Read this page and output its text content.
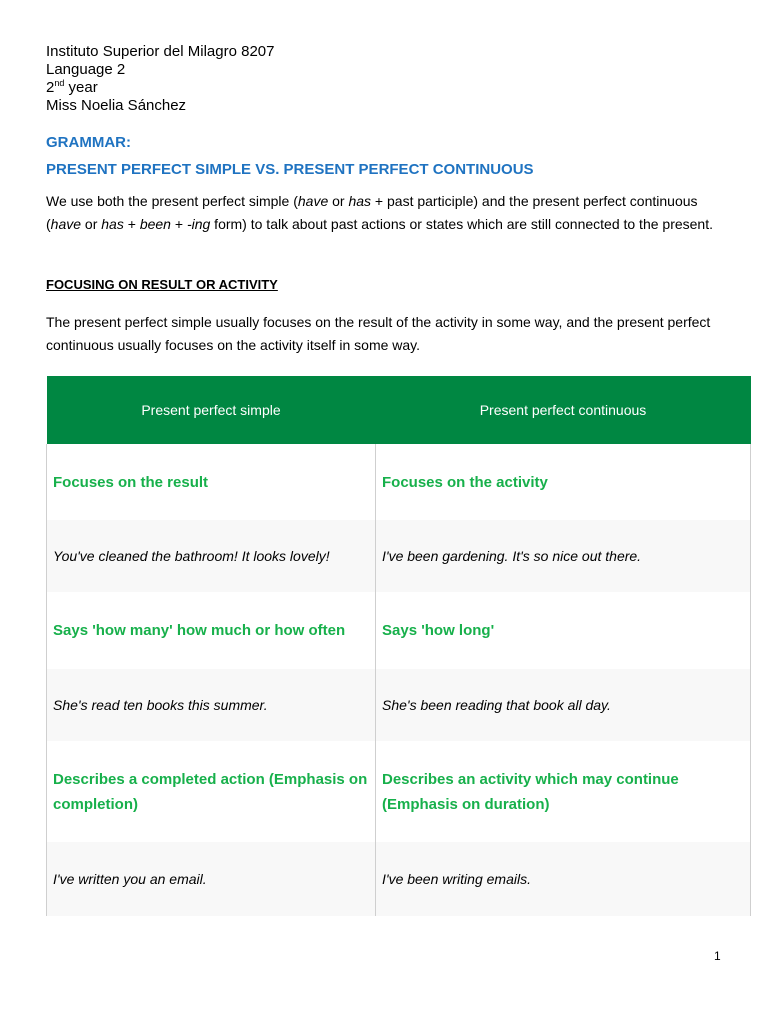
Instituto Superior del Milagro 8207
Language 2
2nd year
Miss Noelia Sánchez
GRAMMAR:
PRESENT PERFECT SIMPLE VS. PRESENT PERFECT CONTINUOUS
We use both the present perfect simple (have or has + past participle) and the present perfect continuous (have or has + been + -ing form) to talk about past actions or states which are still connected to the present.
FOCUSING ON RESULT OR ACTIVITY
The present perfect simple usually focuses on the result of the activity in some way, and the present perfect continuous usually focuses on the activity itself in some way.
Present perfect simple	Present perfect continuous
Focuses on the result	Focuses on the activity
You've cleaned the bathroom! It looks lovely!	I've been gardening. It's so nice out there.
Says 'how many' how much or how often	Says 'how long'
She's read ten books this summer.	She's been reading that book all day.
Describes a completed action (Emphasis on completion)	Describes an activity which may continue (Emphasis on duration)
I've written you an email.	I've been writing emails.
1
